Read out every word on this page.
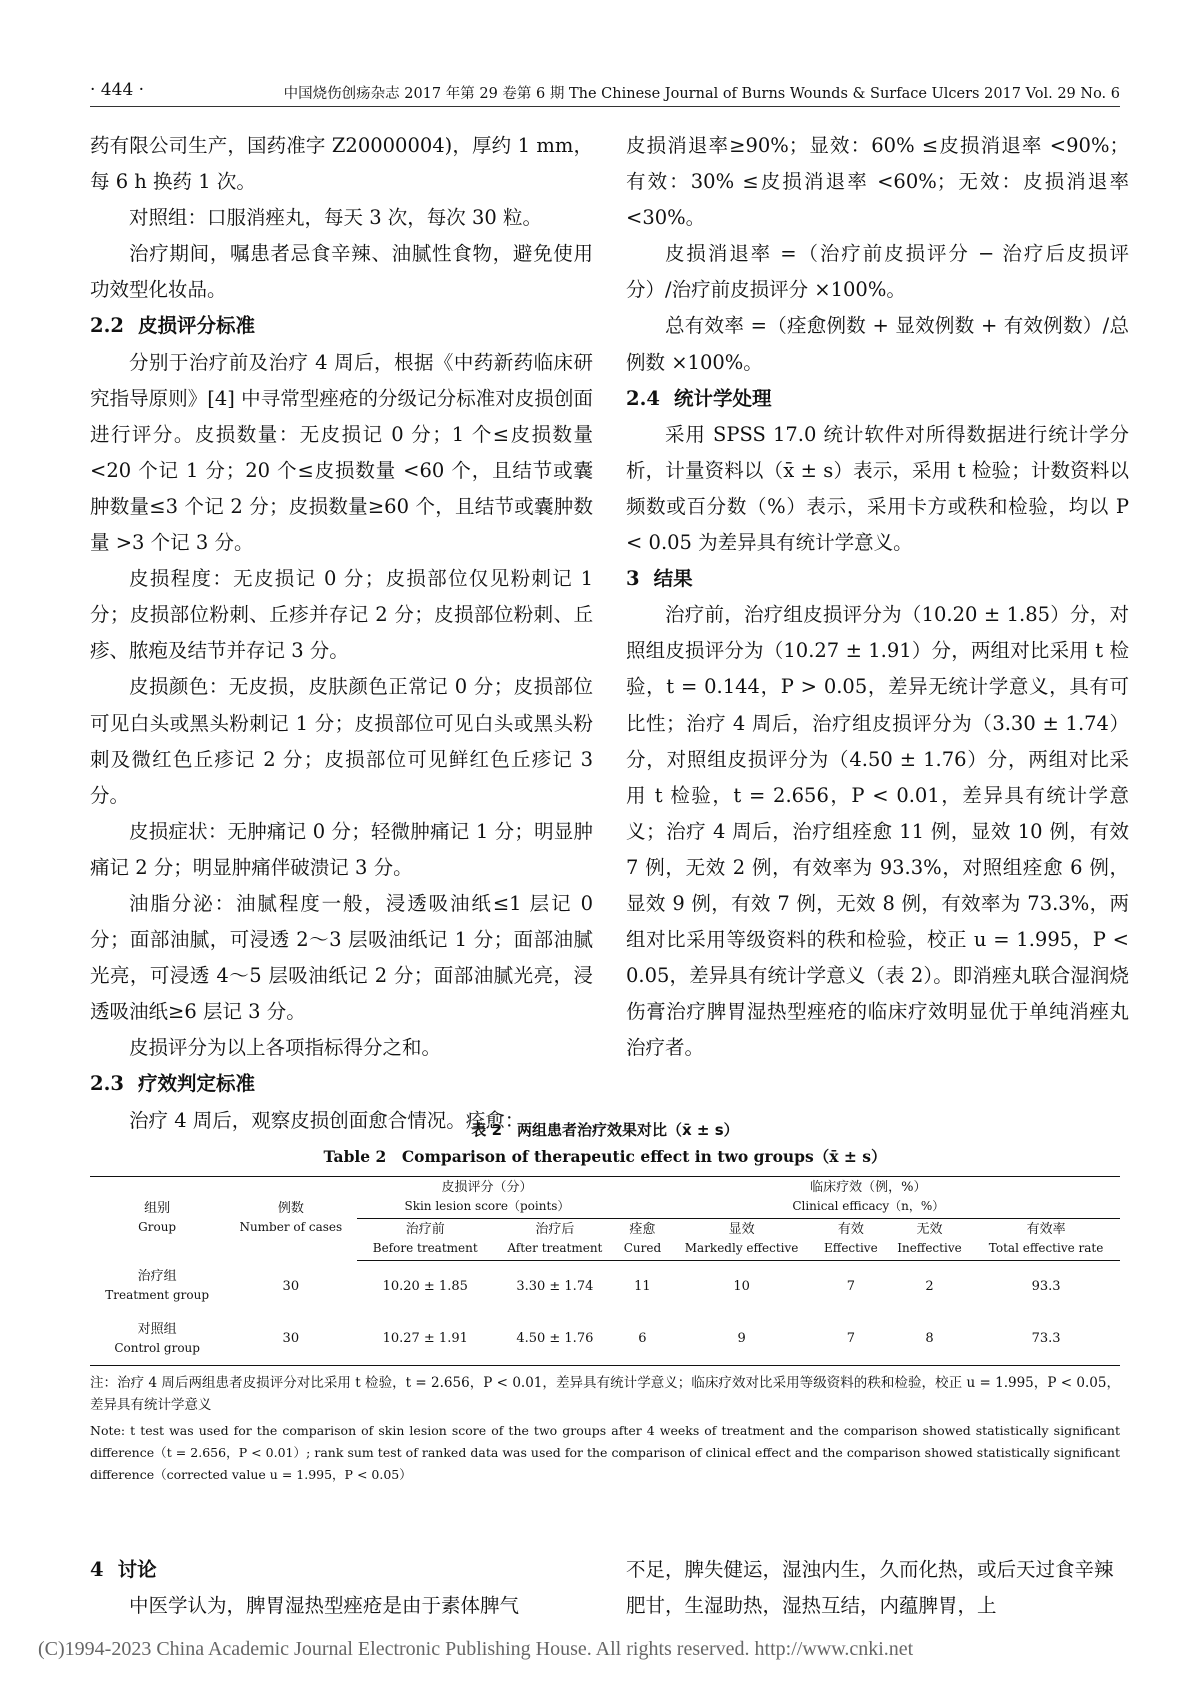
· 444 ·	中国烧伤创疡杂志 2017 年第 29 卷第 6 期 The Chinese Journal of Burns Wounds & Surface Ulcers 2017 Vol. 29 No. 6

药有限公司生产，国药准字 Z20000004)，厚约 1 mm，每 6 h 换药 1 次。

对照组：口服消痤丸，每天 3 次，每次 30 粒。

治疗期间，嘱患者忌食辛辣、油腻性食物，避免使用功效型化妆品。

2.2 皮损评分标准

分别于治疗前及治疗 4 周后，根据《中药新药临床研究指导原则》[4] 中寻常型痤疮的分级记分标准对皮损创面进行评分。皮损数量：无皮损记 0 分；1 个≤皮损数量 <20 个记 1 分；20 个≤皮损数量 <60 个，且结节或囊肿数量≤3 个记 2 分；皮损数量≥60 个，且结节或囊肿数量 >3 个记 3 分。

皮损程度：无皮损记 0 分；皮损部位仅见粉刺记 1 分；皮损部位粉刺、丘疹并存记 2 分；皮损部位粉刺、丘疹、脓疱及结节并存记 3 分。

皮损颜色：无皮损，皮肤颜色正常记 0 分；皮损部位可见白头或黑头粉刺记 1 分；皮损部位可见白头或黑头粉刺及微红色丘疹记 2 分；皮损部位可见鲜红色丘疹记 3 分。

皮损症状：无肿痛记 0 分；轻微肿痛记 1 分；明显肿痛记 2 分；明显肿痛伴破溃记 3 分。

油脂分泌：油腻程度一般，浸透吸油纸≤1 层记 0 分；面部油腻，可浸透 2～3 层吸油纸记 1 分；面部油腻光亮，可浸透 4～5 层吸油纸记 2 分；面部油腻光亮，浸透吸油纸≥6 层记 3 分。

皮损评分为以上各项指标得分之和。

2.3 疗效判定标准

治疗 4 周后，观察皮损创面愈合情况。痊愈：

皮损消退率≥90%；显效：60% ≤皮损消退率 <90%；有效：30% ≤皮损消退率 <60%；无效：皮损消退率 <30%。

皮损消退率 =（治疗前皮损评分 − 治疗后皮损评分）/治疗前皮损评分 ×100%。

总有效率 =（痊愈例数 + 显效例数 + 有效例数）/总例数 ×100%。

2.4 统计学处理

采用 SPSS 17.0 统计软件对所得数据进行统计学分析，计量资料以（x̄ ± s）表示，采用 t 检验；计数资料以频数或百分数（%）表示，采用卡方或秩和检验，均以 P < 0.05 为差异具有统计学意义。

3 结果

治疗前，治疗组皮损评分为（10.20 ± 1.85）分，对照组皮损评分为（10.27 ± 1.91）分，两组对比采用 t 检验，t = 0.144，P > 0.05，差异无统计学意义，具有可比性；治疗 4 周后，治疗组皮损评分为（3.30 ± 1.74）分，对照组皮损评分为（4.50 ± 1.76）分，两组对比采用 t 检验，t = 2.656，P < 0.01，差异具有统计学意义；治疗 4 周后，治疗组痊愈 11 例，显效 10 例，有效 7 例，无效 2 例，有效率为 93.3%，对照组痊愈 6 例，显效 9 例，有效 7 例，无效 8 例，有效率为 73.3%，两组对比采用等级资料的秩和检验，校正 u = 1.995，P < 0.05，差异具有统计学意义（表 2）。即消痤丸联合湿润烧伤膏治疗脾胃湿热型痤疮的临床疗效明显优于单纯消痤丸治疗者。

表 2　两组患者治疗效果对比（x̄ ± s）
Table 2　Comparison of therapeutic effect in two groups（x̄ ± s）
组别
Group	例数
Number of cases	皮损评分（分）
Skin lesion score（points）		临床疗效（例，%）
Clinical efficacy（n，%）				
		治疗前
Before treatment	治疗后
After treatment	痊愈
Cured	显效
Markedly effective	有效
Effective	无效
Ineffective	有效率
Total effective rate
治疗组
Treatment group	30	10.20 ± 1.85	3.30 ± 1.74	11	10	7	2	93.3
对照组
Control group	30	10.27 ± 1.91	4.50 ± 1.76	6	9	7	8	73.3
注：治疗 4 周后两组患者皮损评分对比采用 t 检验，t = 2.656，P < 0.01，差异具有统计学意义；临床疗效对比采用等级资料的秩和检验，校正 u = 1.995，P < 0.05，差异具有统计学意义
Note: t test was used for the comparison of skin lesion score of the two groups after 4 weeks of treatment and the comparison showed statistically significant difference（t = 2.656，P < 0.01）; rank sum test of ranked data was used for the comparison of clinical effect and the comparison showed statistically significant difference（corrected value u = 1.995，P < 0.05）
4 讨论

中医学认为，脾胃湿热型痤疮是由于素体脾气

不足，脾失健运，湿浊内生，久而化热，或后天过食辛辣肥甘，生湿助热，湿热互结，内蕴脾胃，上

(C)1994-2023 China Academic Journal Electronic Publishing House. All rights reserved. http://www.cnki.net
